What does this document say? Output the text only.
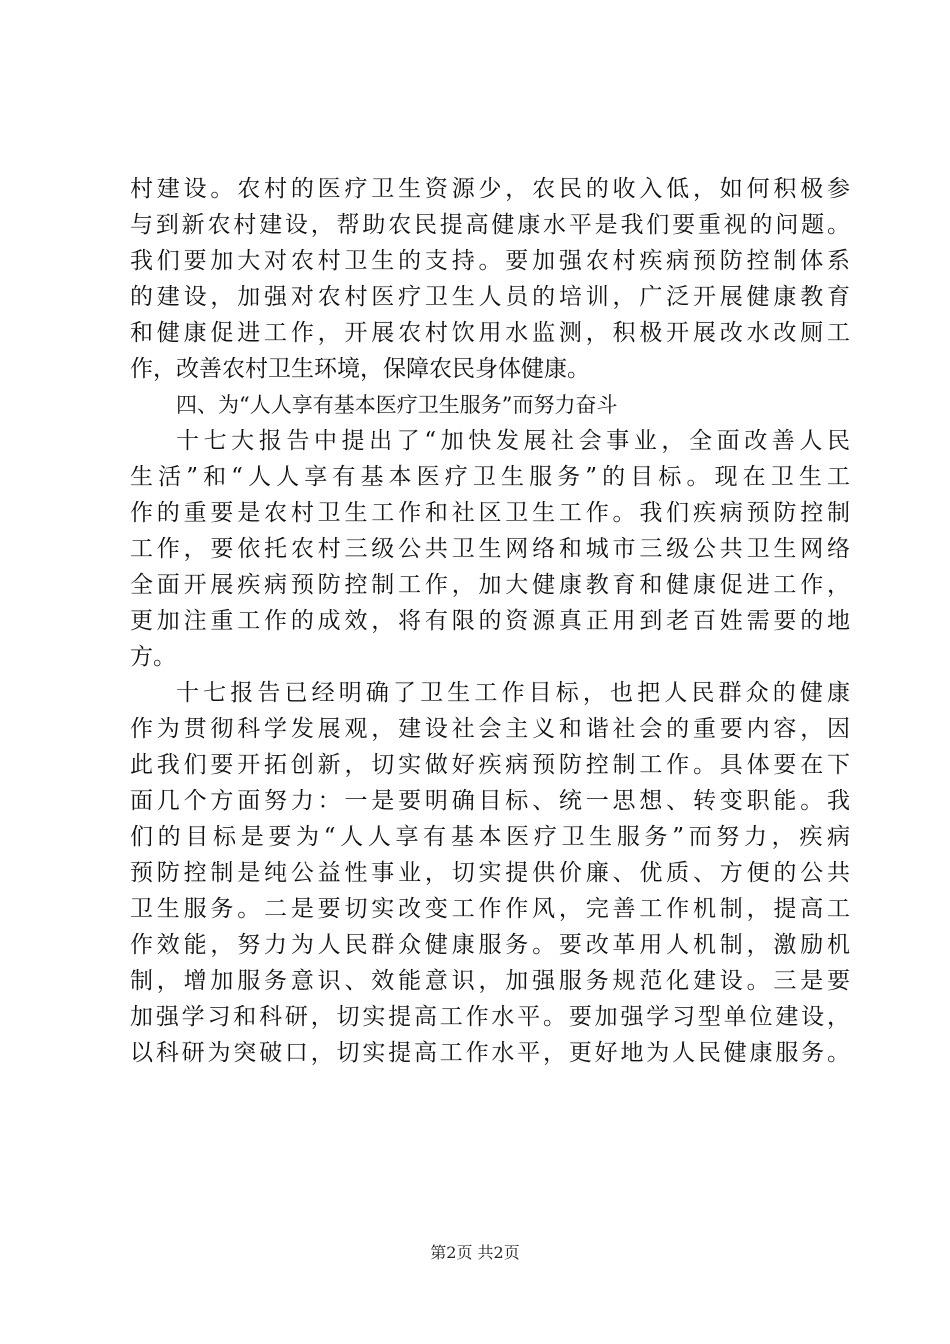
村建设。农村的医疗卫生资源少，农民的收入低，如何积极参
与到新农村建设，帮助农民提高健康水平是我们要重视的问题。
我们要加大对农村卫生的支持。要加强农村疾病预防控制体系
的建设，加强对农村医疗卫生人员的培训，广泛开展健康教育
和健康促进工作，开展农村饮用水监测，积极开展改水改厕工
作，改善农村卫生环境，保障农民身体健康。
四、为“人人享有基本医疗卫生服务”而努力奋斗
十七大报告中提出了“加快发展社会事业，全面改善人民
生活”和“人人享有基本医疗卫生服务”的目标。现在卫生工
作的重要是农村卫生工作和社区卫生工作。我们疾病预防控制
工作，要依托农村三级公共卫生网络和城市三级公共卫生网络
全面开展疾病预防控制工作，加大健康教育和健康促进工作，
更加注重工作的成效，将有限的资源真正用到老百姓需要的地
方。
十七报告已经明确了卫生工作目标，也把人民群众的健康
作为贯彻科学发展观，建设社会主义和谐社会的重要内容，因
此我们要开拓创新，切实做好疾病预防控制工作。具体要在下
面几个方面努力：一是要明确目标、统一思想、转变职能。我
们的目标是要为“人人享有基本医疗卫生服务”而努力，疾病
预防控制是纯公益性事业，切实提供价廉、优质、方便的公共
卫生服务。二是要切实改变工作作风，完善工作机制，提高工
作效能，努力为人民群众健康服务。要改革用人机制，激励机
制，增加服务意识、效能意识，加强服务规范化建设。三是要
加强学习和科研，切实提高工作水平。要加强学习型单位建设，
以科研为突破口，切实提高工作水平，更好地为人民健康服务。
第2页 共2页
